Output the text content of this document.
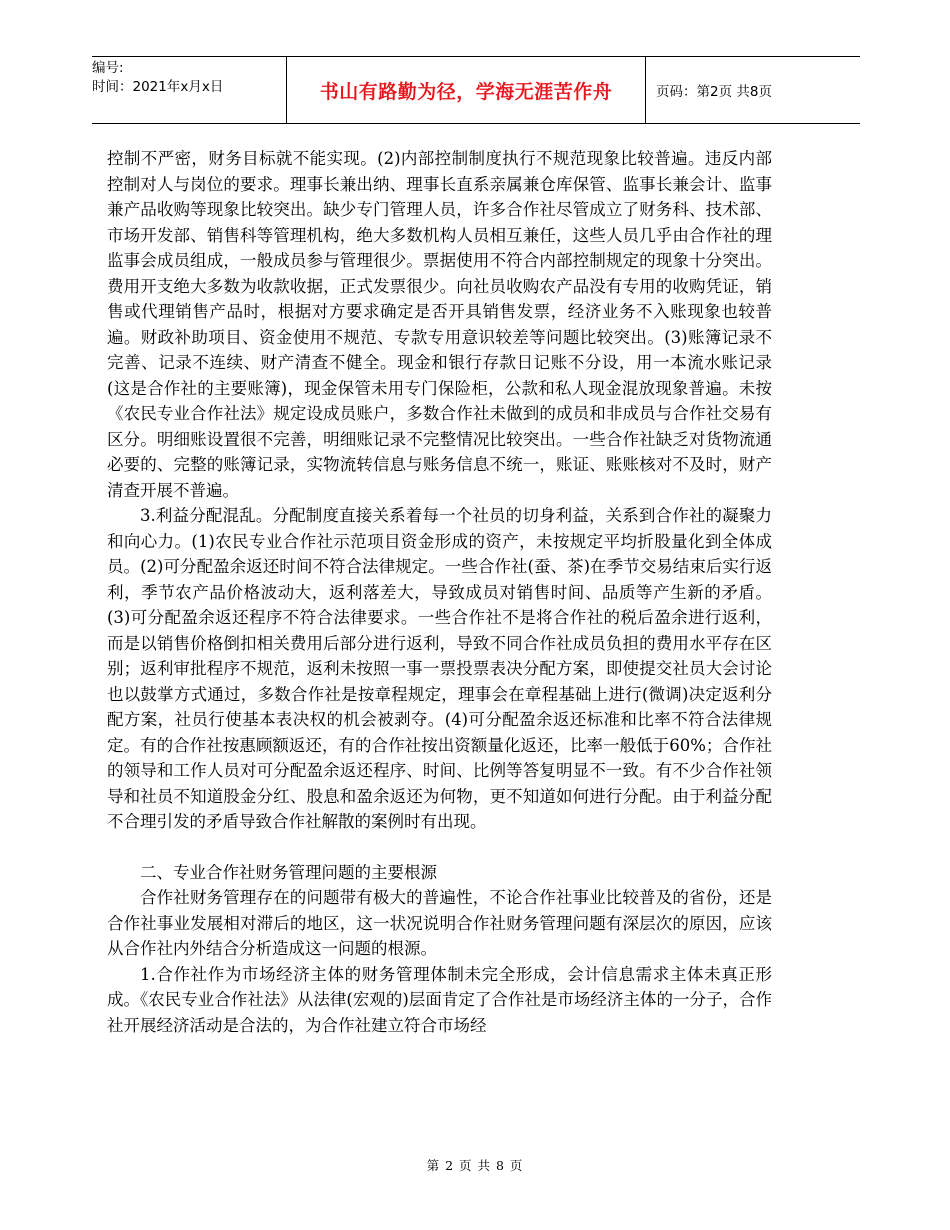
编号:
时间：2021年x月x日	书山有路勤为径，学海无涯苦作舟	页码：第2页 共8页

控制不严密，财务目标就不能实现。(2)内部控制制度执行不规范现象比较普遍。违反内部控制对人与岗位的要求。理事长兼出纳、理事长直系亲属兼仓库保管、监事长兼会计、监事兼产品收购等现象比较突出。缺少专门管理人员，许多合作社尽管成立了财务科、技术部、市场开发部、销售科等管理机构，绝大多数机构人员相互兼任，这些人员几乎由合作社的理监事会成员组成，一般成员参与管理很少。票据使用不符合内部控制规定的现象十分突出。费用开支绝大多数为收款收据，正式发票很少。向社员收购农产品没有专用的收购凭证，销售或代理销售产品时，根据对方要求确定是否开具销售发票，经济业务不入账现象也较普遍。财政补助项目、资金使用不规范、专款专用意识较差等问题比较突出。(3)账簿记录不完善、记录不连续、财产清查不健全。现金和银行存款日记账不分设，用一本流水账记录(这是合作社的主要账簿)，现金保管未用专门保险柜，公款和私人现金混放现象普遍。未按《农民专业合作社法》规定设成员账户，多数合作社未做到的成员和非成员与合作社交易有区分。明细账设置很不完善，明细账记录不完整情况比较突出。一些合作社缺乏对货物流通必要的、完整的账簿记录，实物流转信息与账务信息不统一，账证、账账核对不及时，财产清查开展不普遍。

3.利益分配混乱。分配制度直接关系着每一个社员的切身利益，关系到合作社的凝聚力和向心力。(1)农民专业合作社示范项目资金形成的资产，未按规定平均折股量化到全体成员。(2)可分配盈余返还时间不符合法律规定。一些合作社(蚕、茶)在季节交易结束后实行返利，季节农产品价格波动大，返利落差大，导致成员对销售时间、品质等产生新的矛盾。(3)可分配盈余返还程序不符合法律要求。一些合作社不是将合作社的税后盈余进行返利，而是以销售价格倒扣相关费用后部分进行返利，导致不同合作社成员负担的费用水平存在区别；返利审批程序不规范，返利未按照一事一票投票表决分配方案，即使提交社员大会讨论也以鼓掌方式通过，多数合作社是按章程规定，理事会在章程基础上进行(微调)决定返利分配方案，社员行使基本表决权的机会被剥夺。(4)可分配盈余返还标准和比率不符合法律规定。有的合作社按惠顾额返还，有的合作社按出资额量化返还，比率一般低于60%；合作社的领导和工作人员对可分配盈余返还程序、时间、比例等答复明显不一致。有不少合作社领导和社员不知道股金分红、股息和盈余返还为何物，更不知道如何进行分配。由于利益分配不合理引发的矛盾导致合作社解散的案例时有出现。

二、专业合作社财务管理问题的主要根源

合作社财务管理存在的问题带有极大的普遍性，不论合作社事业比较普及的省份，还是合作社事业发展相对滞后的地区，这一状况说明合作社财务管理问题有深层次的原因，应该从合作社内外结合分析造成这一问题的根源。

1.合作社作为市场经济主体的财务管理体制未完全形成，会计信息需求主体未真正形成。《农民专业合作社法》从法律(宏观的)层面肯定了合作社是市场经济主体的一分子，合作社开展经济活动是合法的，为合作社建立符合市场经

第 2 页 共 8 页
